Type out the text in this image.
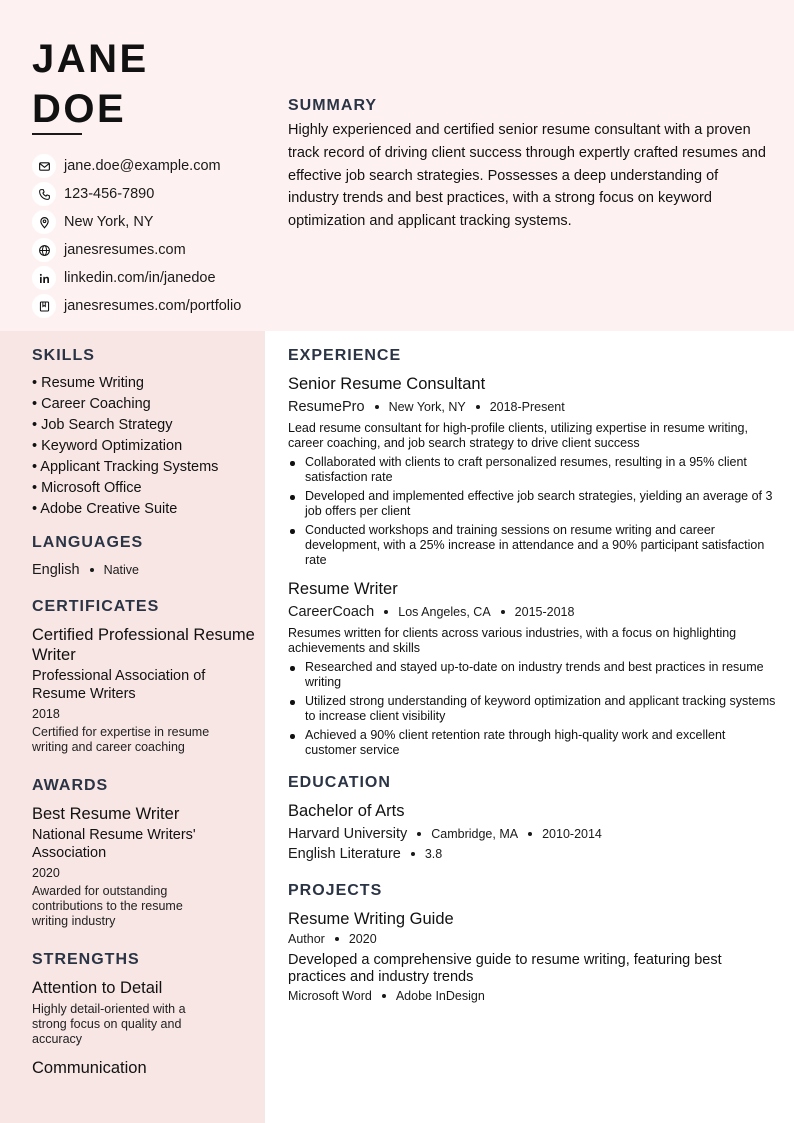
JANE
DOE
jane.doe@example.com
123-456-7890
New York, NY
janesresumes.com
linkedin.com/in/janedoe
janesresumes.com/portfolio
SUMMARY
Highly experienced and certified senior resume consultant with a proven track record of driving client success through expertly crafted resumes and effective job search strategies. Possesses a deep understanding of industry trends and best practices, with a strong focus on keyword optimization and applicant tracking systems.
SKILLS
• Resume Writing
• Career Coaching
• Job Search Strategy
• Keyword Optimization
• Applicant Tracking Systems
• Microsoft Office
• Adobe Creative Suite
LANGUAGES
English Native
CERTIFICATES
Certified Professional Resume Writer
Professional Association of Resume Writers
2018
Certified for expertise in resume writing and career coaching
AWARDS
Best Resume Writer
National Resume Writers' Association
2020
Awarded for outstanding contributions to the resume writing industry
STRENGTHS
Attention to Detail
Highly detail-oriented with a strong focus on quality and accuracy
Communication
EXPERIENCE
Senior Resume Consultant
ResumePro New York, NY 2018-Present
Lead resume consultant for high-profile clients, utilizing expertise in resume writing, career coaching, and job search strategy to drive client success
Collaborated with clients to craft personalized resumes, resulting in a 95% client satisfaction rate
Developed and implemented effective job search strategies, yielding an average of 3 job offers per client
Conducted workshops and training sessions on resume writing and career development, with a 25% increase in attendance and a 90% participant satisfaction rate
Resume Writer
CareerCoach Los Angeles, CA 2015-2018
Resumes written for clients across various industries, with a focus on highlighting achievements and skills
Researched and stayed up-to-date on industry trends and best practices in resume writing
Utilized strong understanding of keyword optimization and applicant tracking systems to increase client visibility
Achieved a 90% client retention rate through high-quality work and excellent customer service
EDUCATION
Bachelor of Arts
Harvard University Cambridge, MA 2010-2014
English Literature 3.8
PROJECTS
Resume Writing Guide
Author 2020
Developed a comprehensive guide to resume writing, featuring best practices and industry trends
Microsoft Word Adobe InDesign
